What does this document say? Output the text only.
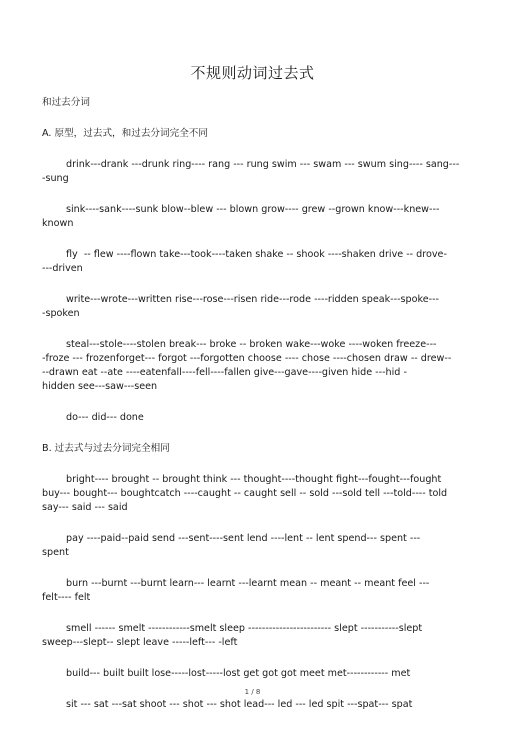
不规则动词过去式
和过去分词
A. 原型，过去式，和过去分词完全不同
drink---drank ---drunk ring---- rang --- rung swim --- swam --- swum sing---- sang---
-sung
sink----sank----sunk blow--blew --- blown grow---- grew --grown know---knew---
known
fly  -- flew ----flown take---took----taken shake -- shook ----shaken drive -- drove-
---driven
write---wrote---written rise---rose---risen ride---rode ----ridden speak---spoke---
-spoken
steal---stole----stolen break--- broke -- broken wake---woke ----woken freeze---
-froze --- frozenforget--- forgot ---forgotten choose ---- chose ----chosen draw -- drew--
--drawn eat --ate ----eatenfall----fell----fallen give---gave----given hide ---hid -
hidden see---saw---seen
do--- did--- done
B. 过去式与过去分词完全相同
bright---- brought -- brought think --- thought----thought fight---fought---fought
buy--- bought--- boughtcatch ----caught -- caught sell -- sold ---sold tell ---told---- told
say--- said --- said
pay ----paid--paid send ---sent----sent lend ----lent -- lent spend--- spent ---
spent
burn ---burnt ---burnt learn--- learnt ---learnt mean -- meant -- meant feel ---
felt---- felt
smell ------ smelt ------------smelt sleep ------------------------ slept -----------slept
sweep---slept-- slept leave -----left--- -left
build--- built built lose-----lost-----lost get got got meet met------------ met
sit --- sat ---sat shoot --- shot --- shot lead--- led --- led spit ---spat--- spat
1 / 8
